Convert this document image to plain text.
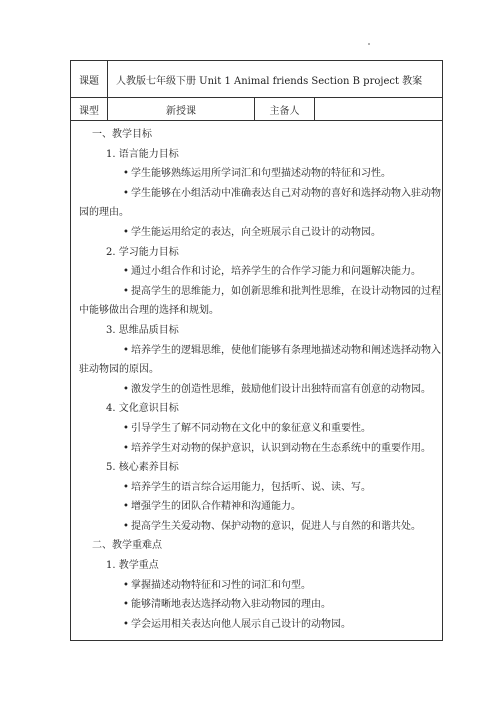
课题	人教版七年级下册 Unit 1 Animal friends Section B project 教案
课型	新授课	主备人
一、教学目标
1. 语言能力目标
• 学生能够熟练运用所学词汇和句型描述动物的特征和习性。
• 学生能够在小组活动中准确表达自己对动物的喜好和选择动物入驻动物
园的理由。
• 学生能运用给定的表达，向全班展示自己设计的动物园。
2. 学习能力目标
• 通过小组合作和讨论，培养学生的合作学习能力和问题解决能力。
• 提高学生的思维能力，如创新思维和批判性思维，在设计动物园的过程
中能够做出合理的选择和规划。
3. 思维品质目标
• 培养学生的逻辑思维，使他们能够有条理地描述动物和阐述选择动物入
驻动物园的原因。
• 激发学生的创造性思维，鼓励他们设计出独特而富有创意的动物园。
4. 文化意识目标
• 引导学生了解不同动物在文化中的象征意义和重要性。
• 培养学生对动物的保护意识，认识到动物在生态系统中的重要作用。
5. 核心素养目标
• 培养学生的语言综合运用能力，包括听、说、读、写。
• 增强学生的团队合作精神和沟通能力。
• 提高学生关爱动物、保护动物的意识，促进人与自然的和谐共处。
二、教学重难点
1. 教学重点
• 掌握描述动物特征和习性的词汇和句型。
• 能够清晰地表达选择动物入驻动物园的理由。
• 学会运用相关表达向他人展示自己设计的动物园。
